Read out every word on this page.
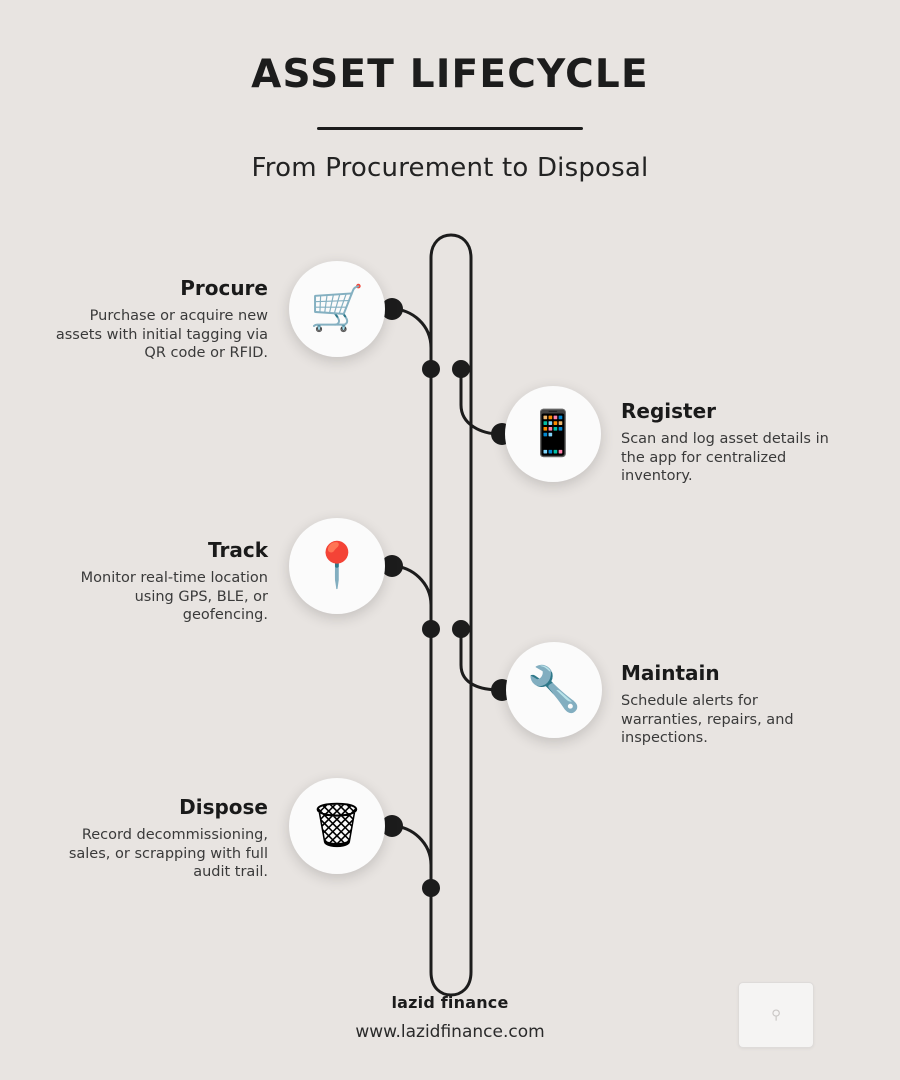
ASSET LIFECYCLE
From Procurement to Disposal
🛒

Procure

Purchase or acquire new assets with initial tagging via QR code or RFID.

📱 Register

Scan and log asset details in the app for centralized inventory.

📍

Track

Monitor real-time location using GPS, BLE, or geofencing.

🔧 Maintain

Schedule alerts for warranties, repairs, and inspections.

🗑

Dispose

Record decommissioning, sales, or scrapping with full audit trail.

lazid finance

www.lazidfinance.com

⚲
